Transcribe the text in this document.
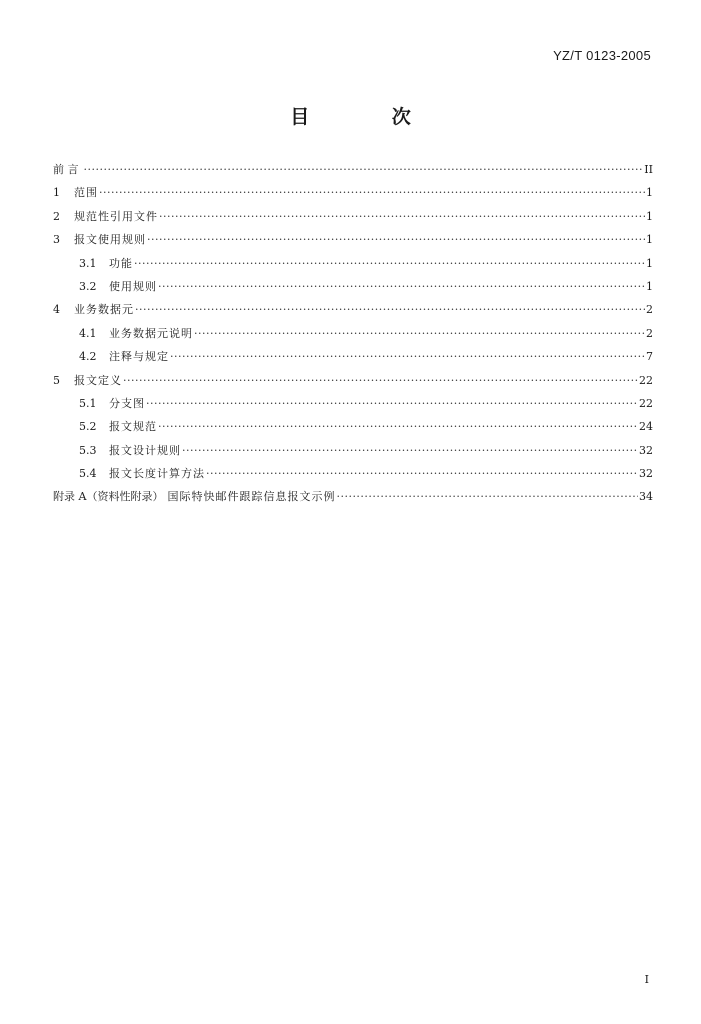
YZ/T 0123-2005
目 次
前 言 ·····	II
1	范围 ·····	1
2	规范性引用文件 ·····	1
3	报文使用规则 ·····	1
3.1	功能 ·····	1
3.2	使用规则 ·····	1
4	业务数据元 ·····	2
4.1	业务数据元说明 ·····	2
4.2	注释与规定 ·····	7
5	报文定义 ·····	22
5.1	分支图 ·····	22
5.2	报文规范 ·····	24
5.3	报文设计规则 ·····	32
5.4	报文长度计算方法 ·····	32
附录 A（资料性附录） 国际特快邮件跟踪信息报文示例 ·····	34
I
